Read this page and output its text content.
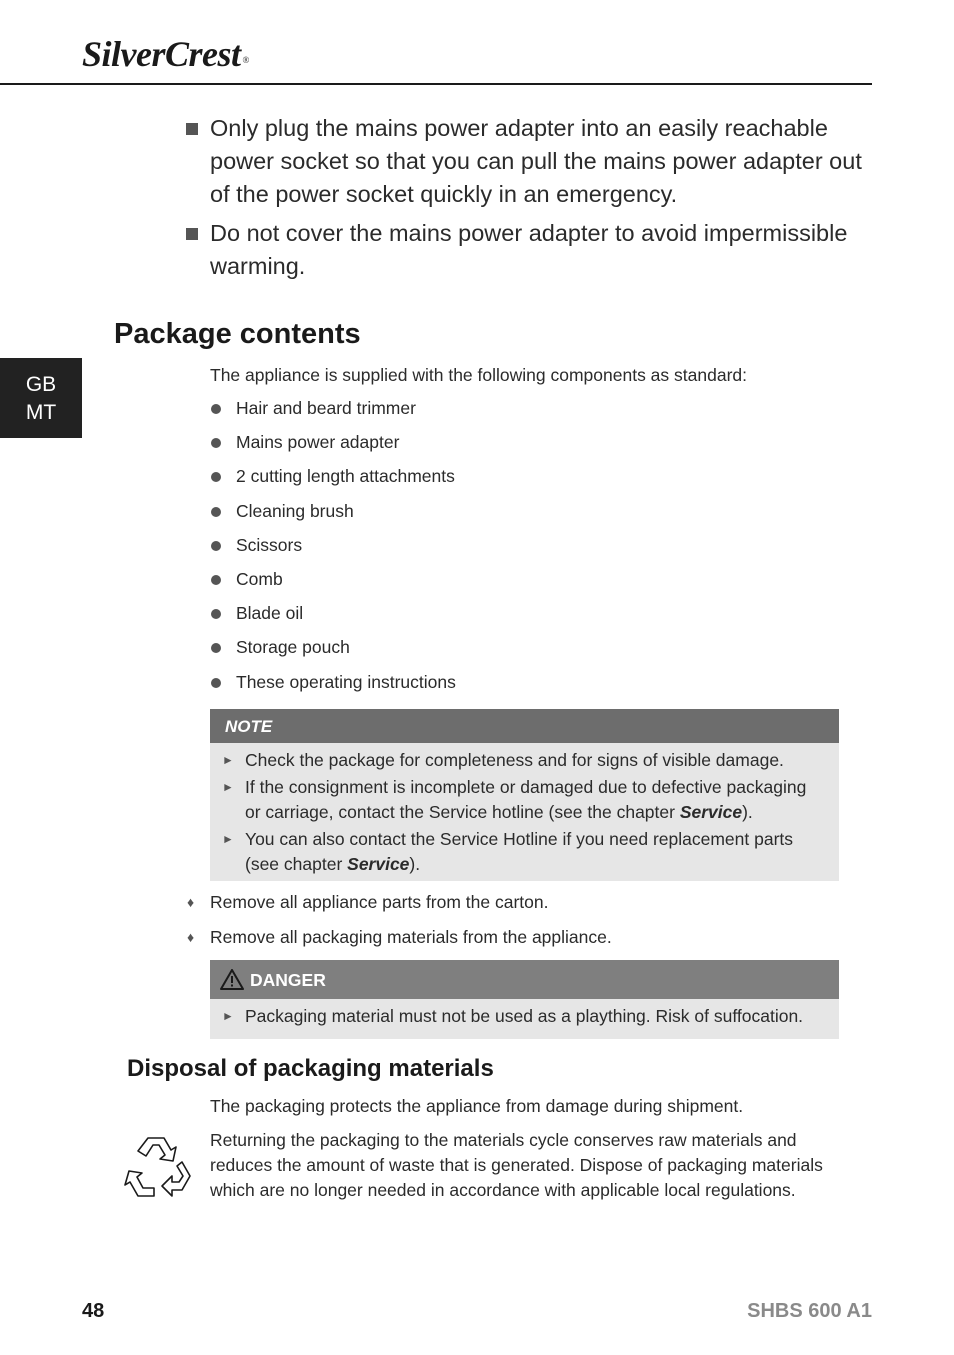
SilverCrest ®
Only plug the mains power adapter into an easily reachable power socket so that you can pull the mains power adapter out of the power socket quickly in an emergency.
Do not cover the mains power adapter to avoid impermissible warming.
Package contents
GB
MT
The appliance is supplied with the following components as standard:
Hair and beard trimmer
Mains power adapter
2 cutting length attachments
Cleaning brush
Scissors
Comb
Blade oil
Storage pouch
These operating instructions
NOTE
► Check the package for completeness and for signs of visible damage.
► If the consignment is incomplete or damaged due to defective packaging or carriage, contact the Service hotline (see the chapter Service).
► You can also contact the Service Hotline if you need replacement parts (see chapter Service).
♦ Remove all appliance parts from the carton.
♦ Remove all packaging materials from the appliance.
DANGER
► Packaging material must not be used as a plaything. Risk of suffocation.
Disposal of packaging materials
The packaging protects the appliance from damage during shipment.
Returning the packaging to the materials cycle conserves raw materials and reduces the amount of waste that is generated. Dispose of packaging materials which are no longer needed in accordance with applicable local regulations.
48	SHBS 600 A1
